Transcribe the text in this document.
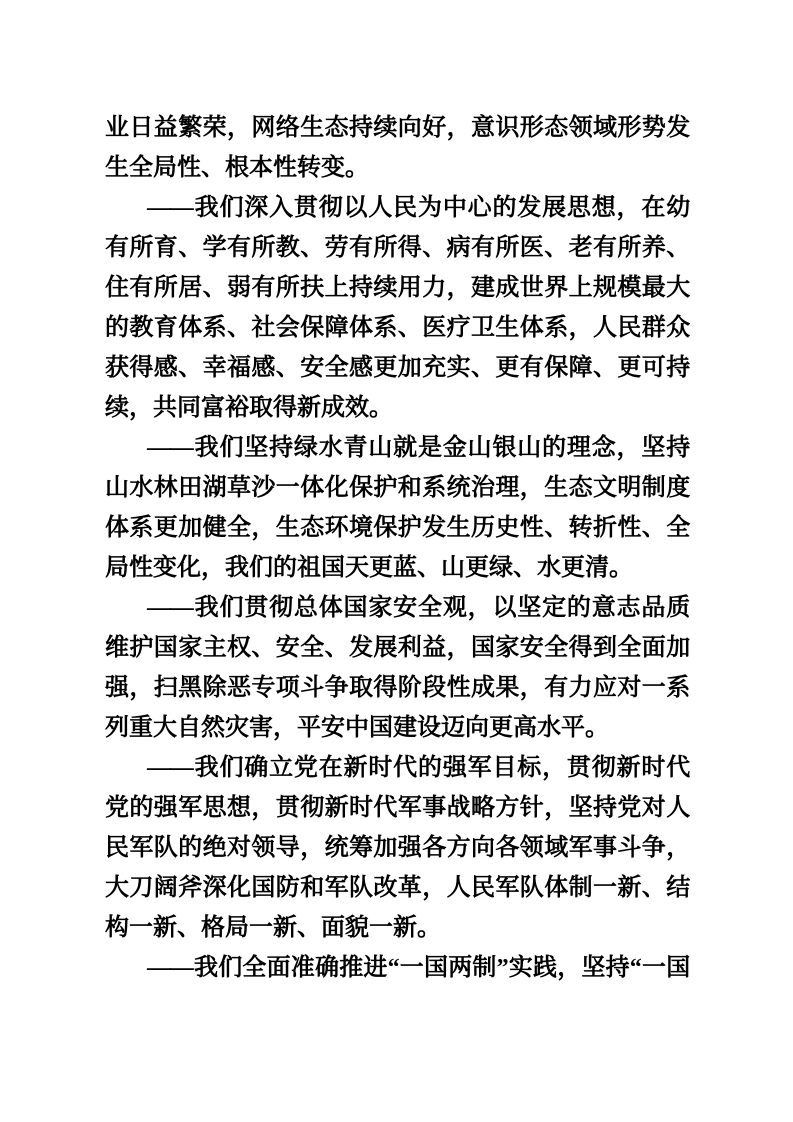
业日益繁荣，网络生态持续向好，意识形态领域形势发
生全局性、根本性转变。
——我们深入贯彻以人民为中心的发展思想，在幼
有所育、学有所教、劳有所得、病有所医、老有所养、
住有所居、弱有所扶上持续用力，建成世界上规模最大
的教育体系、社会保障体系、医疗卫生体系，人民群众
获得感、幸福感、安全感更加充实、更有保障、更可持
续，共同富裕取得新成效。
——我们坚持绿水青山就是金山银山的理念，坚持
山水林田湖草沙一体化保护和系统治理，生态文明制度
体系更加健全，生态环境保护发生历史性、转折性、全
局性变化，我们的祖国天更蓝、山更绿、水更清。
——我们贯彻总体国家安全观，以坚定的意志品质
维护国家主权、安全、发展利益，国家安全得到全面加
强，扫黑除恶专项斗争取得阶段性成果，有力应对一系
列重大自然灾害，平安中国建设迈向更高水平。
——我们确立党在新时代的强军目标，贯彻新时代
党的强军思想，贯彻新时代军事战略方针，坚持党对人
民军队的绝对领导，统筹加强各方向各领域军事斗争，
大刀阔斧深化国防和军队改革，人民军队体制一新、结
构一新、格局一新、面貌一新。
——我们全面准确推进“一国两制”实践，坚持“一国
